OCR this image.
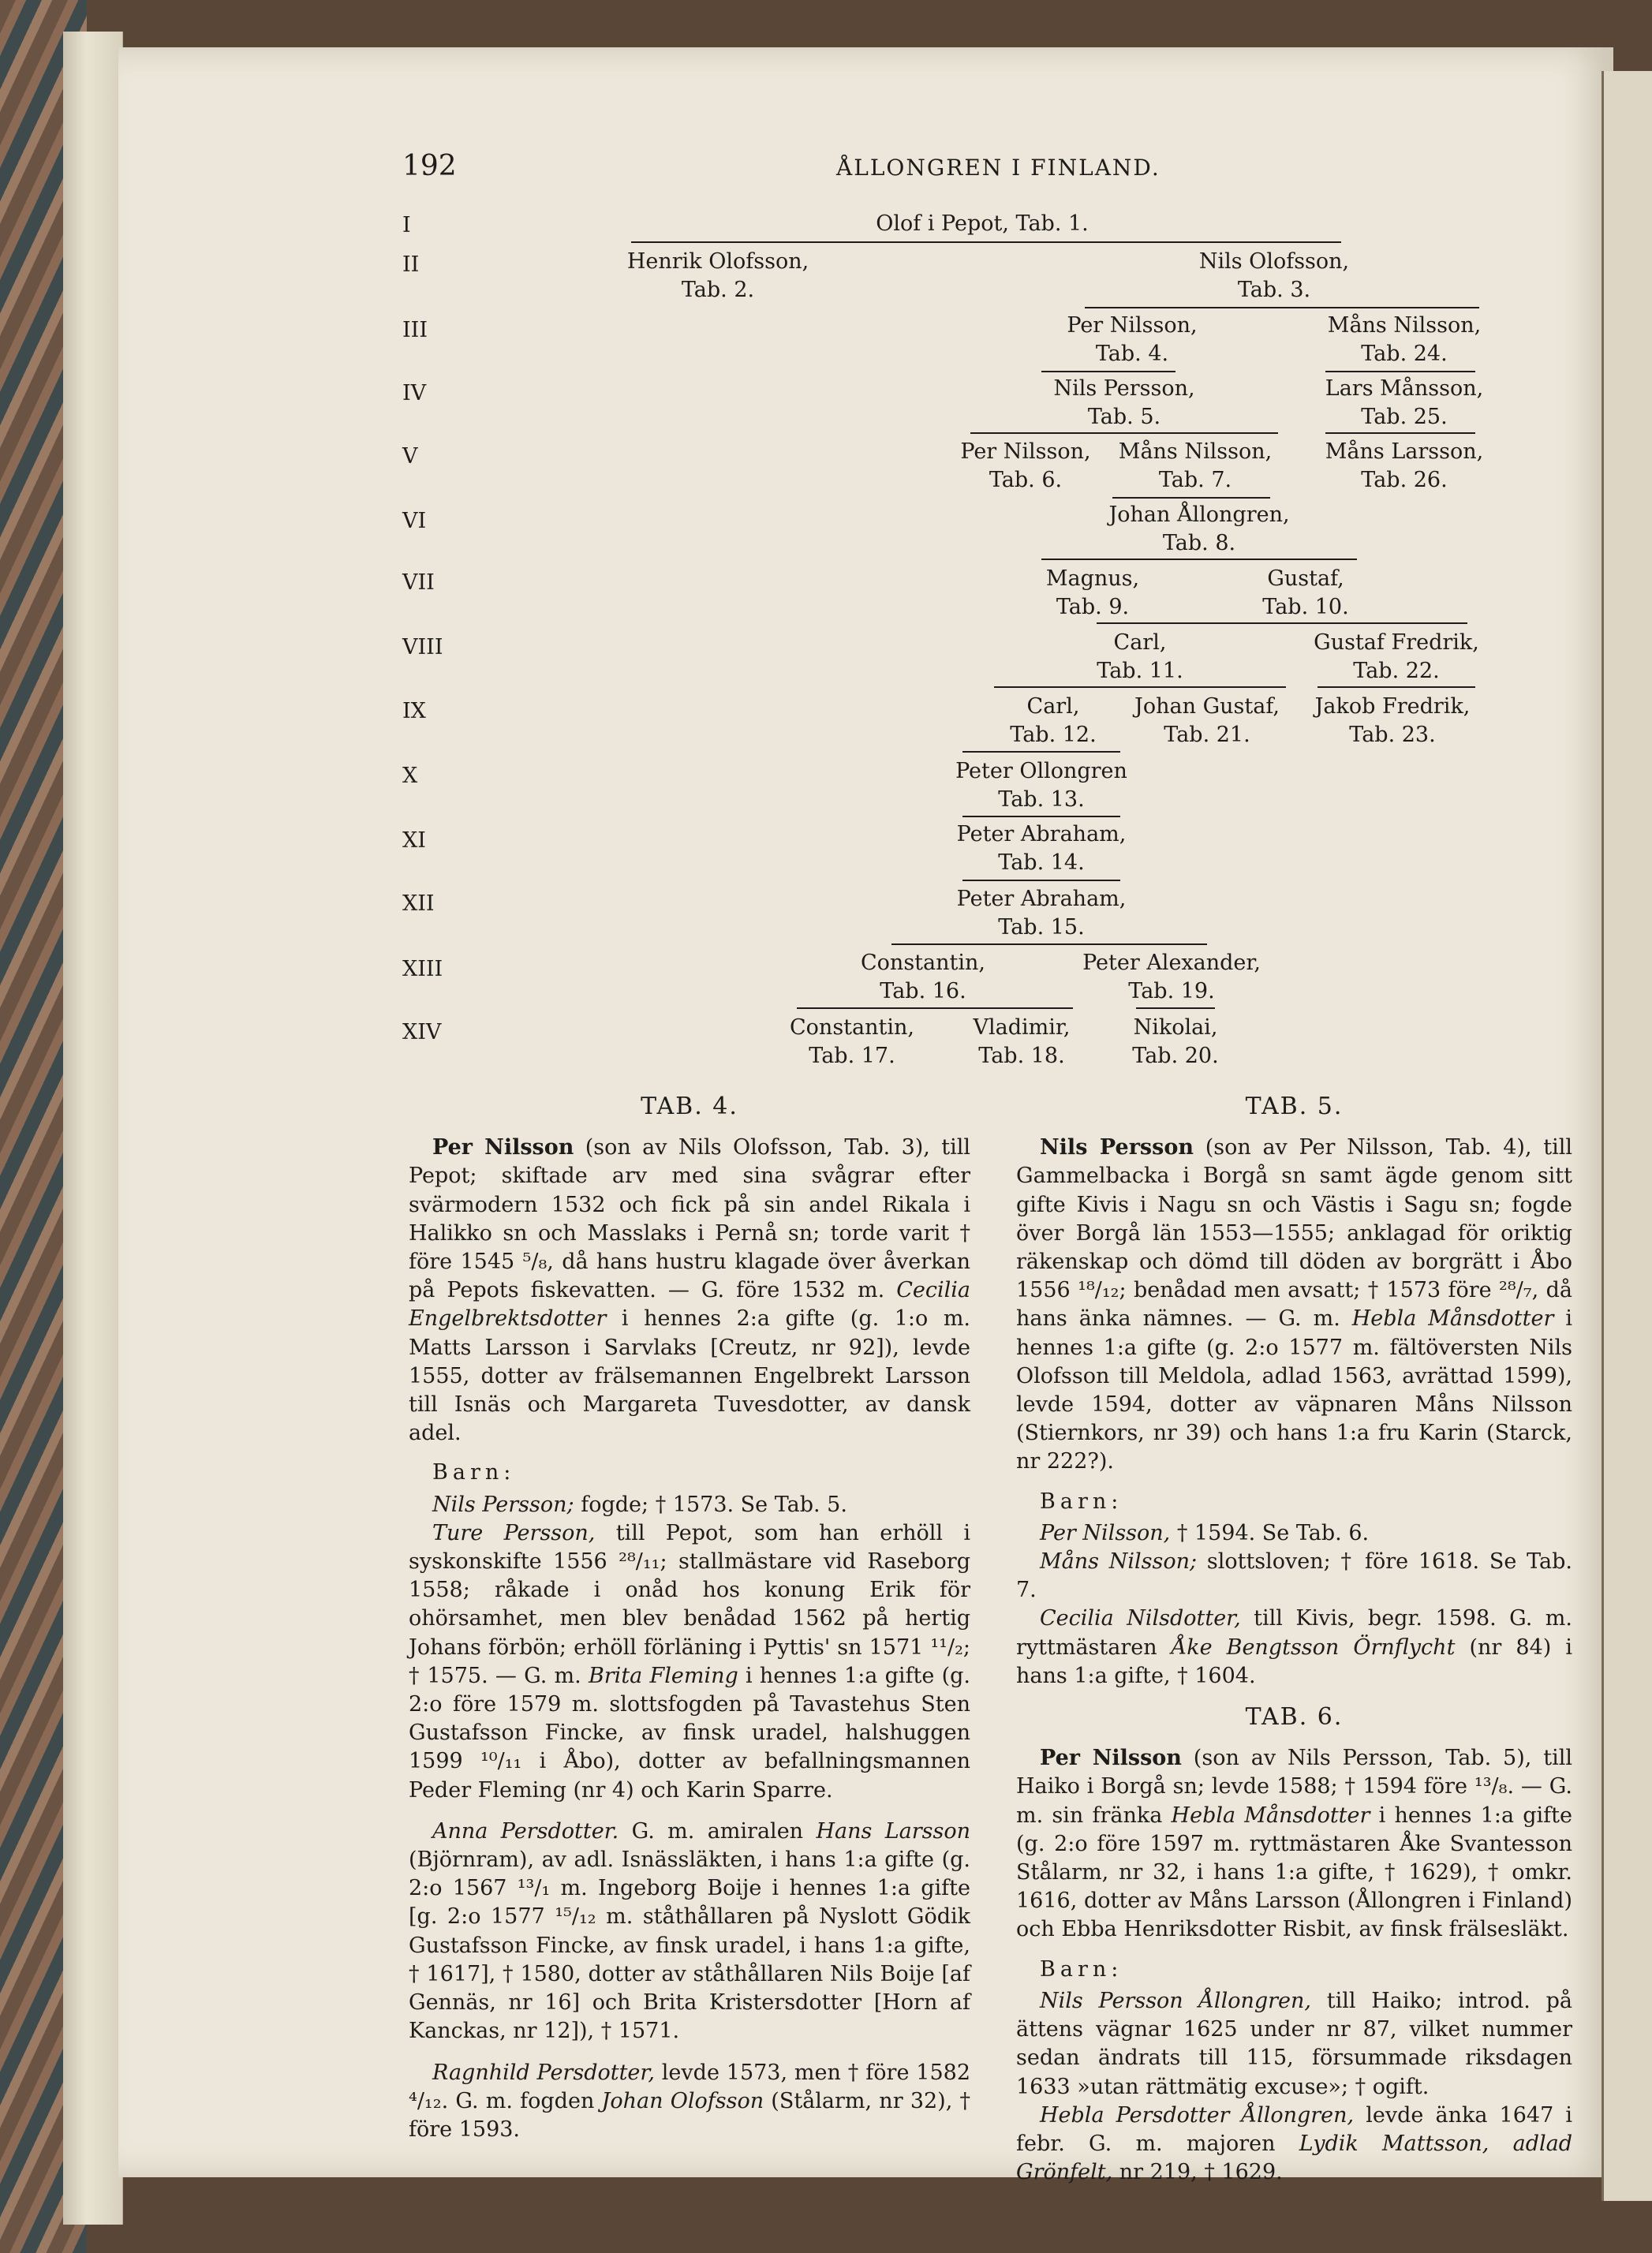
192	ÅLLONGREN I FINLAND.
I
II
III
IV
V
VI
VII
VIII
IX
X
XI
XII
XIII
XIV
Olof i Pepot, Tab. 1.
Henrik Olofsson,
Tab. 2.
Nils Olofsson,
Tab. 3.
Per Nilsson,
Tab. 4.
Måns Nilsson,
Tab. 24.
Nils Persson,
Tab. 5.
Lars Månsson,
Tab. 25.
Per Nilsson,
Tab. 6.
Måns Nilsson,
Tab. 7.
Måns Larsson,
Tab. 26.
Johan Ållongren,
Tab. 8.
Magnus,
Tab. 9.
Gustaf,
Tab. 10.
Carl,
Tab. 11.
Gustaf Fredrik,
Tab. 22.
Carl,
Tab. 12.
Johan Gustaf,
Tab. 21.
Jakob Fredrik,
Tab. 23.
Peter Ollongren
Tab. 13.
Peter Abraham,
Tab. 14.
Peter Abraham,
Tab. 15.
Constantin,
Tab. 16.
Peter Alexander,
Tab. 19.
Constantin,
Tab. 17.
Vladimir,
Tab. 18.
Nikolai,
Tab. 20.
TAB. 4.

Per Nilsson (son av Nils Olofsson, Tab. 3), till Pepot; skiftade arv med sina svågrar efter svärmodern 1532 och fick på sin andel Rikala i Halikko sn och Masslaks i Pernå sn; torde varit † före 1545 ⁵/₈, då hans hustru klagade över åverkan på Pepots fiskevatten. — G. före 1532 m. Cecilia Engelbrektsdotter i hennes 2:a gifte (g. 1:o m. Matts Larsson i Sarvlaks [Creutz, nr 92]), levde 1555, dotter av frälsemannen Engelbrekt Larsson till Isnäs och Margareta Tuvesdotter, av dansk adel.

Barn:

Nils Persson; fogde; † 1573. Se Tab. 5.

Ture Persson, till Pepot, som han erhöll i syskonskifte 1556 ²⁸/₁₁; stallmästare vid Raseborg 1558; råkade i onåd hos konung Erik för ohörsamhet, men blev benådad 1562 på hertig Johans förbön; erhöll förläning i Pyttis' sn 1571 ¹¹/₂; † 1575. — G. m. Brita Fleming i hennes 1:a gifte (g. 2:o före 1579 m. slottsfogden på Tavastehus Sten Gustafsson Fincke, av finsk uradel, halshuggen 1599 ¹⁰/₁₁ i Åbo), dotter av befallningsmannen Peder Fleming (nr 4) och Karin Sparre.

Anna Persdotter. G. m. amiralen Hans Larsson (Björnram), av adl. Isnässläkten, i hans 1:a gifte (g. 2:o 1567 ¹³/₁ m. Ingeborg Boije i hennes 1:a gifte [g. 2:o 1577 ¹⁵/₁₂ m. ståthållaren på Nyslott Gödik Gustafsson Fincke, av finsk uradel, i hans 1:a gifte, † 1617], † 1580, dotter av ståthållaren Nils Boije [af Gennäs, nr 16] och Brita Kristersdotter [Horn af Kanckas, nr 12]), † 1571.

Ragnhild Persdotter, levde 1573, men † före 1582 ⁴/₁₂. G. m. fogden Johan Olofsson (Stålarm, nr 32), † före 1593.

TAB. 5.

Nils Persson (son av Per Nilsson, Tab. 4), till Gammelbacka i Borgå sn samt ägde genom sitt gifte Kivis i Nagu sn och Västis i Sagu sn; fogde över Borgå län 1553—1555; anklagad för oriktig räkenskap och dömd till döden av borgrätt i Åbo 1556 ¹⁸/₁₂; benådad men avsatt; † 1573 före ²⁸/₇, då hans änka nämnes. — G. m. Hebla Månsdotter i hennes 1:a gifte (g. 2:o 1577 m. fältöversten Nils Olofsson till Meldola, adlad 1563, avrättad 1599), levde 1594, dotter av väpnaren Måns Nilsson (Stiernkors, nr 39) och hans 1:a fru Karin (Starck, nr 222?).

Barn:

Per Nilsson, † 1594. Se Tab. 6.

Måns Nilsson; slottsloven; † före 1618. Se Tab. 7.

Cecilia Nilsdotter, till Kivis, begr. 1598. G. m. ryttmästaren Åke Bengtsson Örnflycht (nr 84) i hans 1:a gifte, † 1604.

TAB. 6.

Per Nilsson (son av Nils Persson, Tab. 5), till Haiko i Borgå sn; levde 1588; † 1594 före ¹³/₈. — G. m. sin fränka Hebla Månsdotter i hennes 1:a gifte (g. 2:o före 1597 m. ryttmästaren Åke Svantesson Stålarm, nr 32, i hans 1:a gifte, † 1629), † omkr. 1616, dotter av Måns Larsson (Ållongren i Finland) och Ebba Henriksdotter Risbit, av finsk frälsesläkt.

Barn:

Nils Persson Ållongren, till Haiko; introd. på ättens vägnar 1625 under nr 87, vilket nummer sedan ändrats till 115, försummade riksdagen 1633 »utan rättmätig excuse»; † ogift.

Hebla Persdotter Ållongren, levde änka 1647 i febr. G. m. majoren Lydik Mattsson, adlad Grönfelt, nr 219, † 1629.
